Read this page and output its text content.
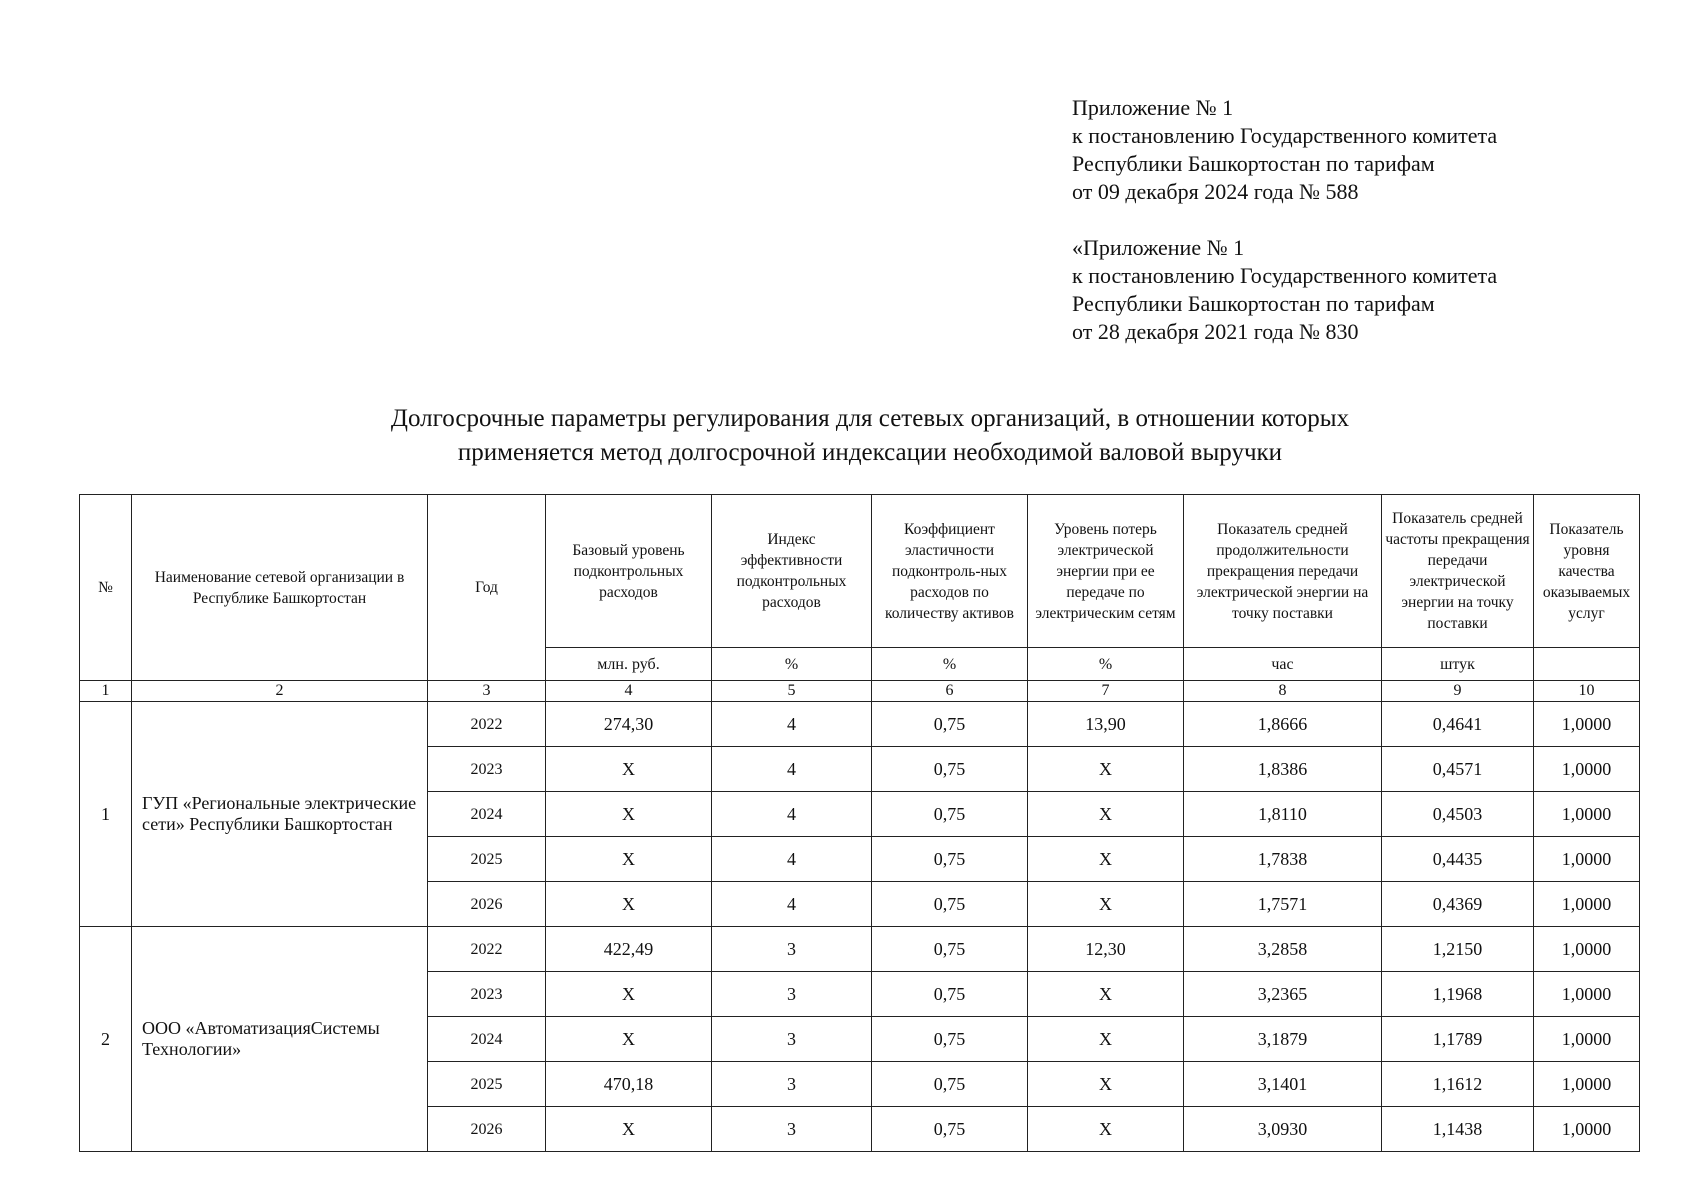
Приложение № 1
к постановлению Государственного комитета
Республики Башкортостан по тарифам
от 09 декабря 2024 года № 588
«Приложение № 1
к постановлению Государственного комитета
Республики Башкортостан по тарифам
от 28 декабря 2021 года № 830
Долгосрочные параметры регулирования для сетевых организаций, в отношении которых
применяется метод долгосрочной индексации необходимой валовой выручки
№	Наименование сетевой организации в Республике Башкортостан	Год	Базовый уровень подконтрольных расходов	Индекс эффективности подконтрольных расходов	Коэффициент эластичности подконтроль-ных расходов по количеству активов	Уровень потерь электрической энергии при ее передаче по электрическим сетям	Показатель средней продолжительности прекращения передачи электрической энергии на точку поставки	Показатель средней частоты прекращения передачи электрической энергии на точку поставки	Показатель уровня качества оказываемых услуг
			млн. руб.	%	%	%	час	штук	
1	2	3	4	5	6	7	8	9	10
1	ГУП «Региональные электрические сети» Республики Башкортостан	2022	274,30	4	0,75	13,90	1,8666	0,4641	1,0000
		2023	X	4	0,75	X	1,8386	0,4571	1,0000
		2024	X	4	0,75	X	1,8110	0,4503	1,0000
		2025	X	4	0,75	X	1,7838	0,4435	1,0000
		2026	X	4	0,75	X	1,7571	0,4369	1,0000
2	ООО «АвтоматизацияСистемы Технологии»	2022	422,49	3	0,75	12,30	3,2858	1,2150	1,0000
		2023	X	3	0,75	X	3,2365	1,1968	1,0000
		2024	X	3	0,75	X	3,1879	1,1789	1,0000
		2025	470,18	3	0,75	X	3,1401	1,1612	1,0000
		2026	X	3	0,75	X	3,0930	1,1438	1,0000
